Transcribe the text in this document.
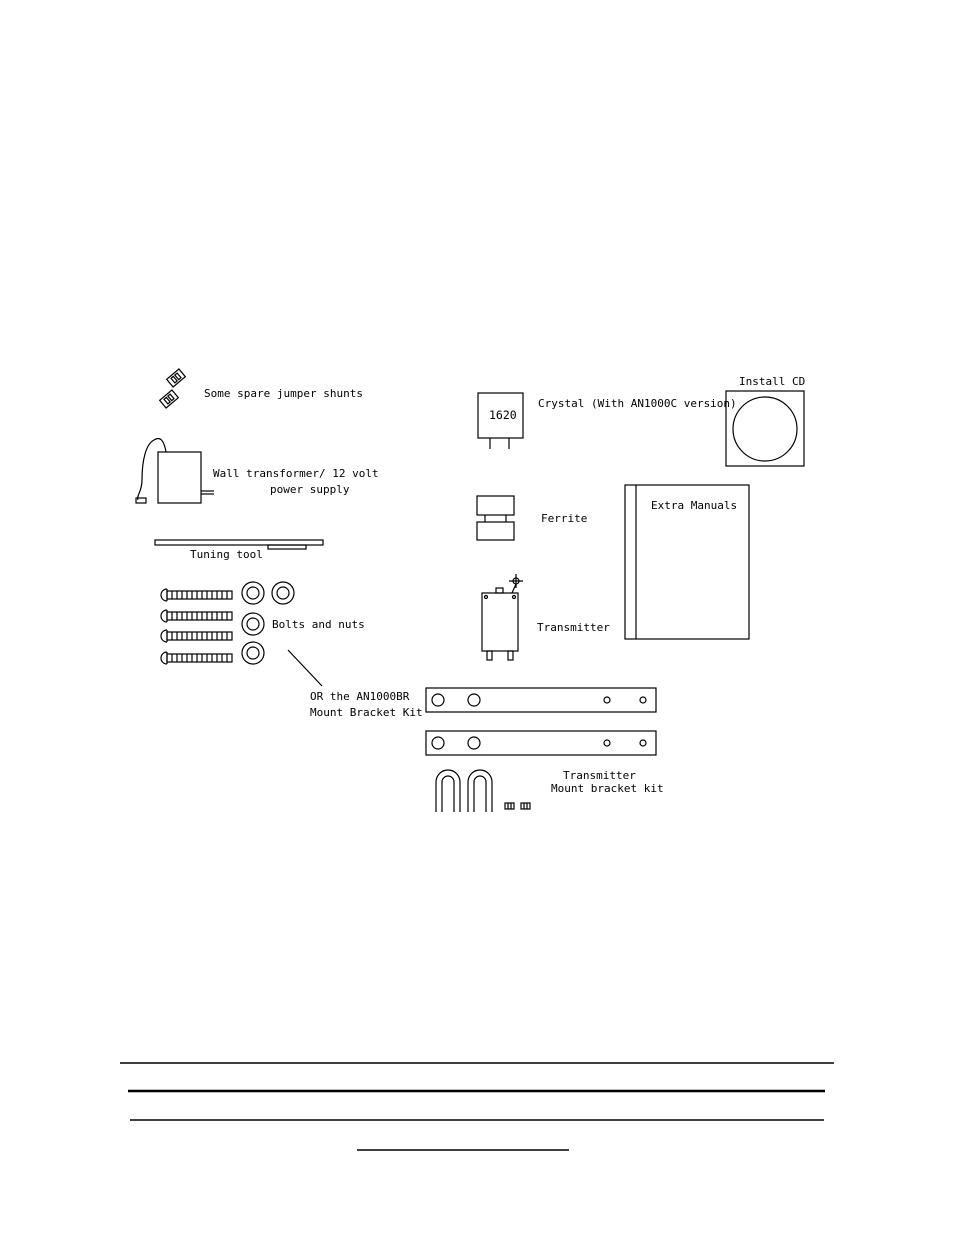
Some spare jumper shunts
Wall transformer/ 12 volt
power supply
Tuning tool
Bolts and nuts
OR the AN1000BR
Mount Bracket Kit
1620
Crystal (With AN1000C version)
Install CD
Ferrite
Extra Manuals
Transmitter
Transmitter
Mount bracket kit
